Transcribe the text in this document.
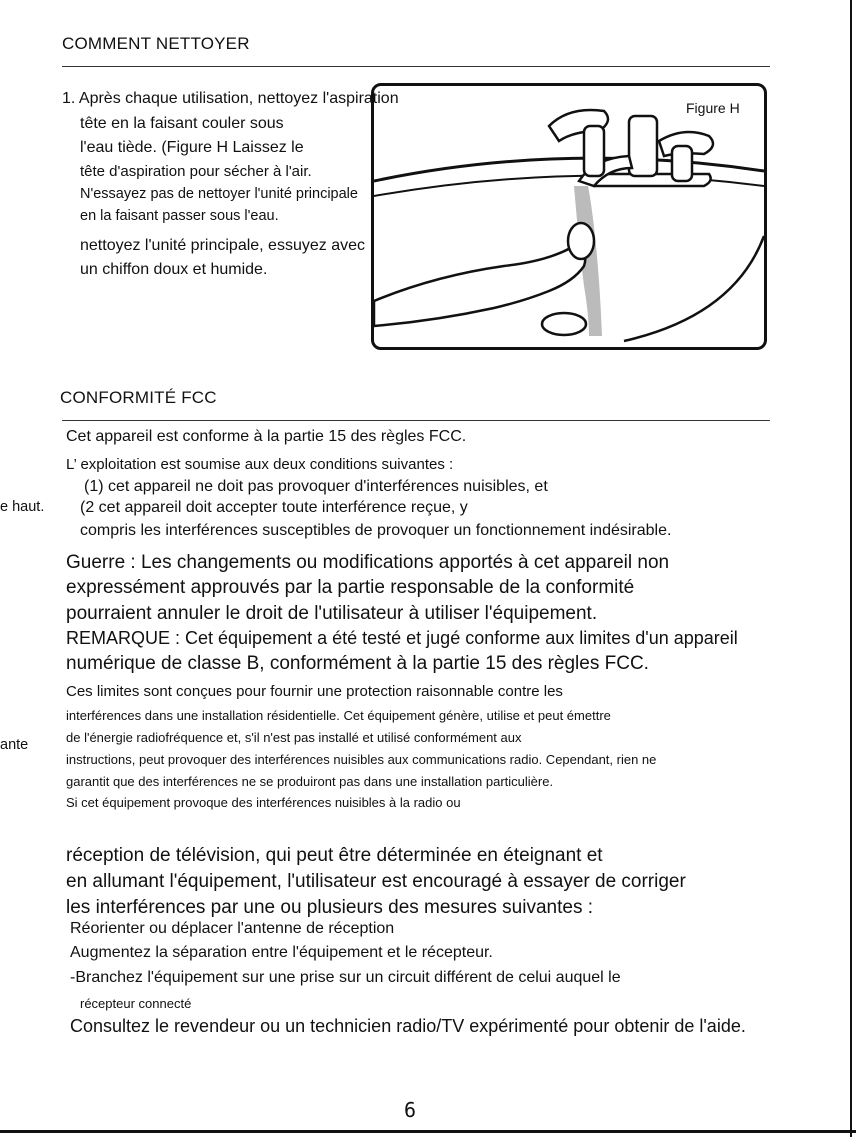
COMMENT NETTOYER
Figure H
1. Après chaque utilisation, nettoyez l'aspiration
tête en la faisant couler sous
l'eau tiède. (Figure H Laissez le
tête d'aspiration pour sécher à l'air.
N'essayez pas de nettoyer l'unité principale
en la faisant passer sous l'eau.
nettoyez l'unité principale, essuyez avec
un chiffon doux et humide.
CONFORMITÉ FCC
Cet appareil est conforme à la partie 15 des règles FCC.
L’ exploitation est soumise aux deux conditions suivantes :
(1) cet appareil ne doit pas provoquer d'interférences nuisibles, et
(2 cet appareil doit accepter toute interférence reçue, y
compris les interférences susceptibles de provoquer un fonctionnement indésirable.
Guerre : Les changements ou modifications apportés à cet appareil non
expressément approuvés par la partie responsable de la conformité
pourraient annuler le droit de l'utilisateur à utiliser l'équipement.
REMARQUE : Cet équipement a été testé et jugé conforme aux limites d'un appareil
numérique de classe B, conformément à la partie 15 des règles FCC.
Ces limites sont conçues pour fournir une protection raisonnable contre les
interférences dans une installation résidentielle. Cet équipement génère, utilise et peut émettre
de l'énergie radiofréquence et, s'il n'est pas installé et utilisé conformément aux
instructions, peut provoquer des interférences nuisibles aux communications radio. Cependant, rien ne
garantit que des interférences ne se produiront pas dans une installation particulière.
Si cet équipement provoque des interférences nuisibles à la radio ou
réception de télévision, qui peut être déterminée en éteignant et
en allumant l'équipement, l'utilisateur est encouragé à essayer de corriger
les interférences par une ou plusieurs des mesures suivantes :
Réorienter ou déplacer l'antenne de réception
Augmentez la séparation entre l'équipement et le récepteur.
-Branchez l'équipement sur une prise sur un circuit différent de celui auquel le
récepteur connecté
Consultez le revendeur ou un technicien radio/TV expérimenté pour obtenir de l'aide.
e haut.
ante
6
